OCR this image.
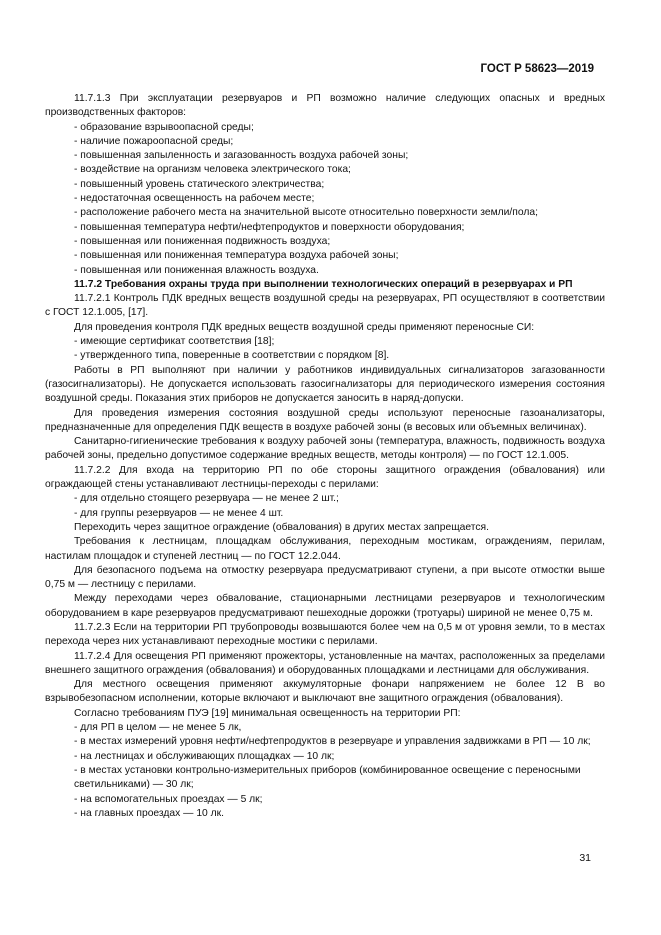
ГОСТ Р 58623—2019
11.7.1.3 При эксплуатации резервуаров и РП возможно наличие следующих опасных и вредных производственных факторов:
- образование взрывоопасной среды;
- наличие пожароопасной среды;
- повышенная запыленность и загазованность воздуха рабочей зоны;
- воздействие на организм человека электрического тока;
- повышенный уровень статического электричества;
- недостаточная освещенность на рабочем месте;
- расположение рабочего места на значительной высоте относительно поверхности земли/пола;
- повышенная температура нефти/нефтепродуктов и поверхности оборудования;
- повышенная или пониженная подвижность воздуха;
- повышенная или пониженная температура воздуха рабочей зоны;
- повышенная или пониженная влажность воздуха.
11.7.2 Требования охраны труда при выполнении технологических операций в резервуарах и РП
11.7.2.1 Контроль ПДК вредных веществ воздушной среды на резервуарах, РП осуществляют в соответствии с ГОСТ 12.1.005, [17].
Для проведения контроля ПДК вредных веществ воздушной среды применяют переносные СИ:
- имеющие сертификат соответствия [18];
- утвержденного типа, поверенные в соответствии с порядком [8].
Работы в РП выполняют при наличии у работников индивидуальных сигнализаторов загазованности (газосигнализаторы). Не допускается использовать газосигнализаторы для периодического измерения состояния воздушной среды. Показания этих приборов не допускается заносить в наряд-допуски.
Для проведения измерения состояния воздушной среды используют переносные газоанализаторы, предназначенные для определения ПДК веществ в воздухе рабочей зоны (в весовых или объемных величинах).
Санитарно-гигиенические требования к воздуху рабочей зоны (температура, влажность, подвижность воздуха рабочей зоны, предельно допустимое содержание вредных веществ, методы контроля) — по ГОСТ 12.1.005.
11.7.2.2 Для входа на территорию РП по обе стороны защитного ограждения (обвалования) или ограждающей стены устанавливают лестницы-переходы с перилами:
- для отдельно стоящего резервуара — не менее 2 шт.;
- для группы резервуаров — не менее 4 шт.
Переходить через защитное ограждение (обвалования) в других местах запрещается.
Требования к лестницам, площадкам обслуживания, переходным мостикам, ограждениям, перилам, настилам площадок и ступеней лестниц — по ГОСТ 12.2.044.
Для безопасного подъема на отмостку резервуара предусматривают ступени, а при высоте отмостки выше 0,75 м — лестницу с перилами.
Между переходами через обвалование, стационарными лестницами резервуаров и технологическим оборудованием в каре резервуаров предусматривают пешеходные дорожки (тротуары) шириной не менее 0,75 м.
11.7.2.3 Если на территории РП трубопроводы возвышаются более чем на 0,5 м от уровня земли, то в местах перехода через них устанавливают переходные мостики с перилами.
11.7.2.4 Для освещения РП применяют прожекторы, установленные на мачтах, расположенных за пределами внешнего защитного ограждения (обвалования) и оборудованных площадками и лестницами для обслуживания.
Для местного освещения применяют аккумуляторные фонари напряжением не более 12 В во взрывобезопасном исполнении, которые включают и выключают вне защитного ограждения (обвалования).
Согласно требованиям ПУЭ [19] минимальная освещенность на территории РП:
- для РП в целом — не менее 5 лк,
- в местах измерений уровня нефти/нефтепродуктов в резервуаре и управления задвижками в РП — 10 лк;
- на лестницах и обслуживающих площадках — 10 лк;
- в местах установки контрольно-измерительных приборов (комбинированное освещение с переносными светильниками) — 30 лк;
- на вспомогательных проездах — 5 лк;
- на главных проездах — 10 лк.
31
